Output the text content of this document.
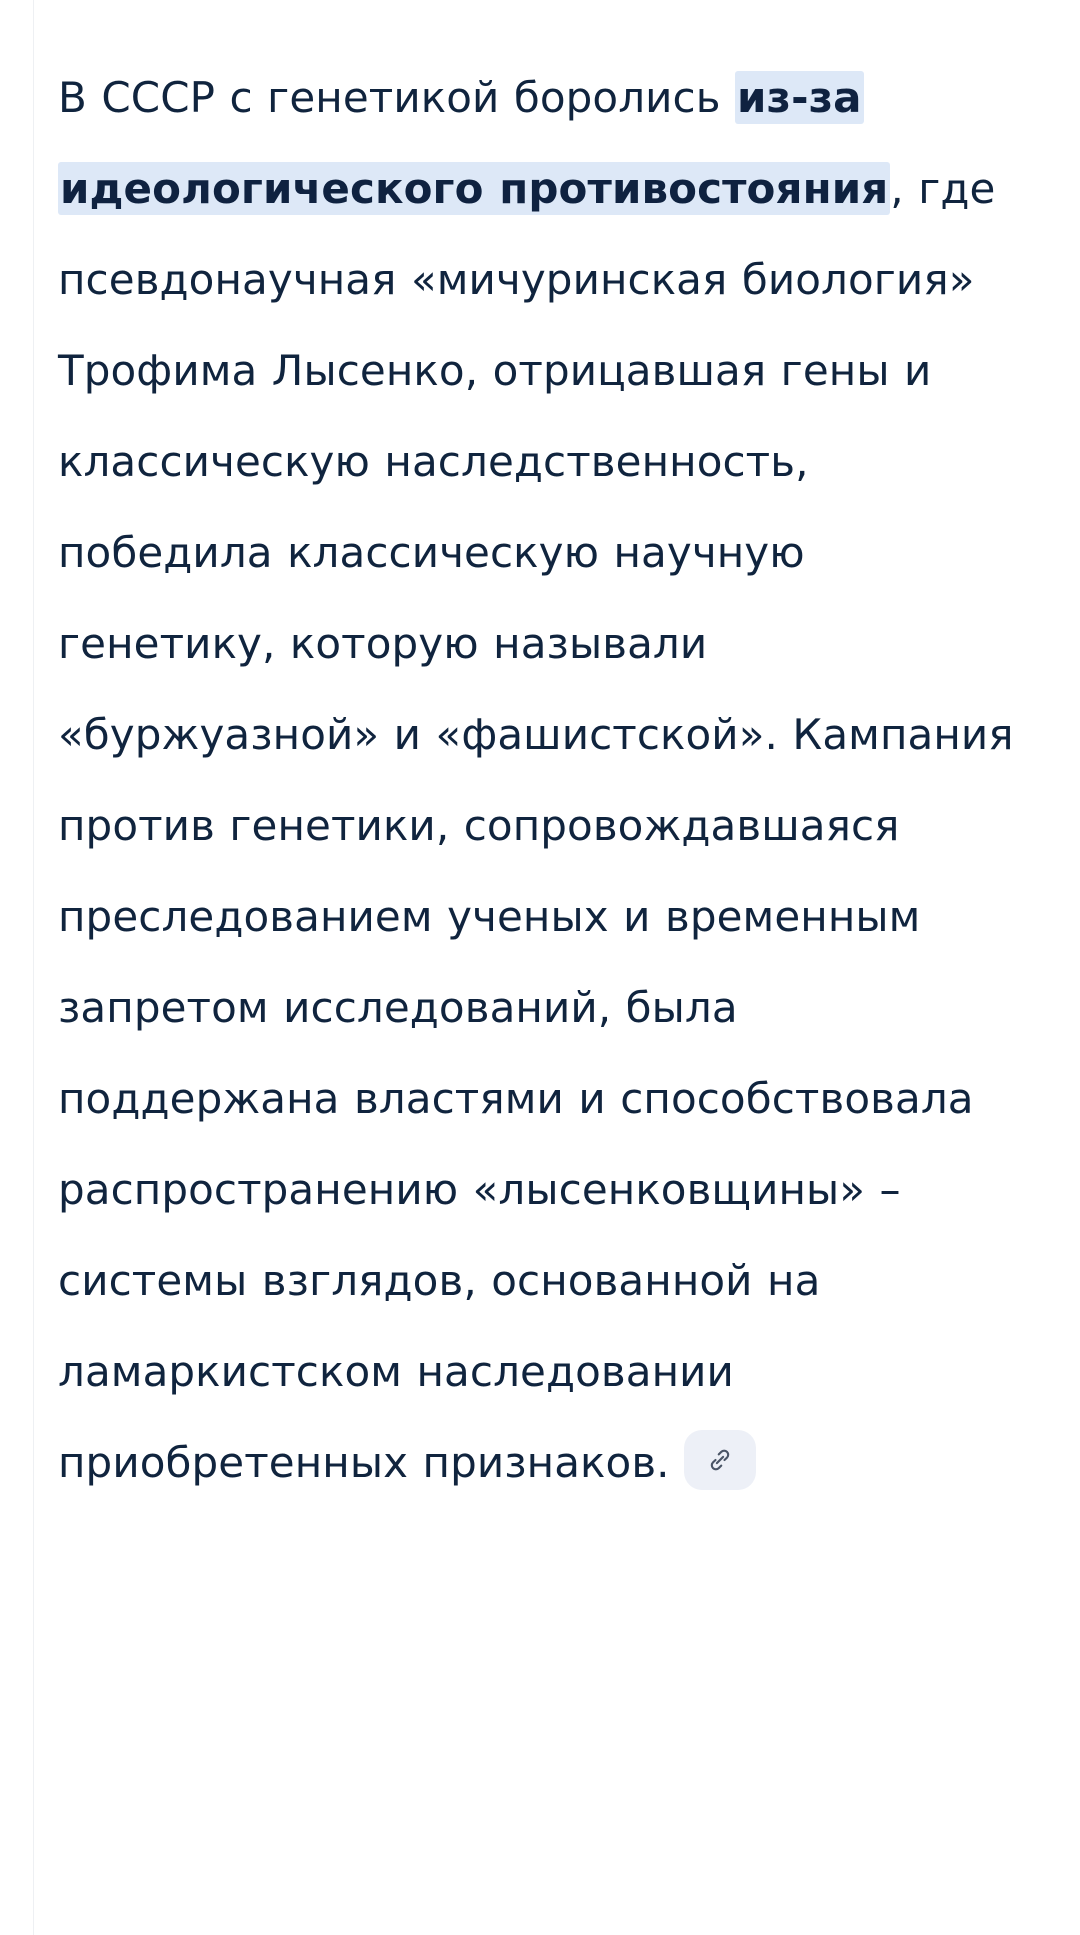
В СССР с генетикой боролись из-за идеологического противостояния, где псевдонаучная «мичуринская биология» Трофима Лысенко, отрицавшая гены и классическую наследственность, победила классическую научную генетику, которую называли «буржуазной» и «фашистской». Кампания против генетики, сопровождавшаяся преследованием ученых и временным запретом исследований, была поддержана властями и способствовала распространению «лысенковщины» – системы взглядов, основанной на ламаркистском наследовании приобретенных признаков.
